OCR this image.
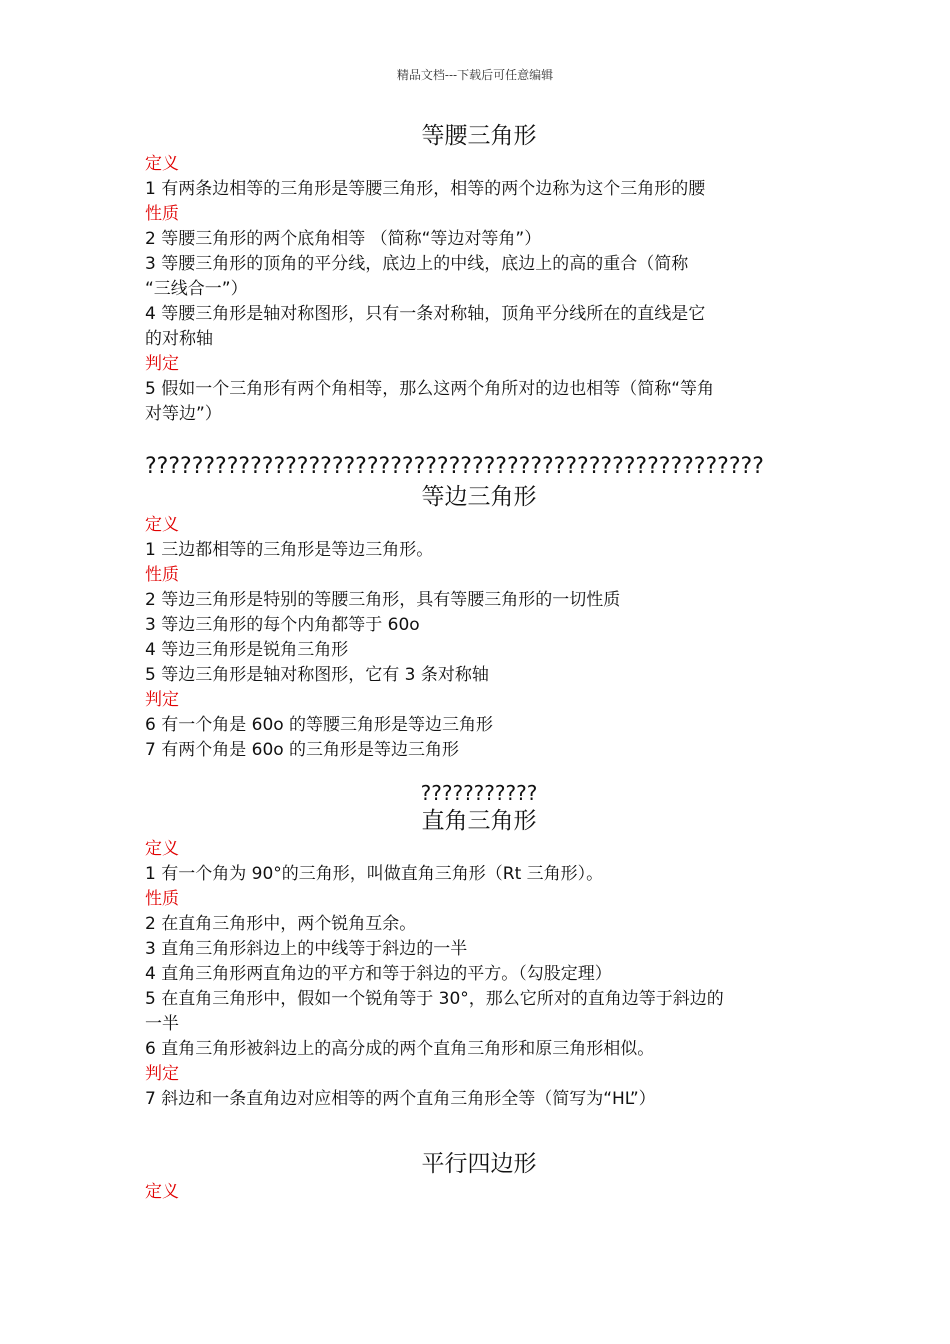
精品文档---下载后可任意编辑

等腰三角形

定义

1 有两条边相等的三角形是等腰三角形，相等的两个边称为这个三角形的腰

性质

2 等腰三角形的两个底角相等 （简称“等边对等角”）

3 等腰三角形的顶角的平分线，底边上的中线，底边上的高的重合（简称

“三线合一”）

4 等腰三角形是轴对称图形，只有一条对称轴，顶角平分线所在的直线是它

的对称轴

判定

5 假如一个三角形有两个角相等，那么这两个角所对的边也相等（简称“等角

对等边”）

?????????????????????????????????????????????????????

等边三角形

定义

1 三边都相等的三角形是等边三角形。

性质

2 等边三角形是特别的等腰三角形，具有等腰三角形的一切性质

3 等边三角形的每个内角都等于 60o

4 等边三角形是锐角三角形

5 等边三角形是轴对称图形，它有 3 条对称轴

判定

6 有一个角是 60o 的等腰三角形是等边三角形

7 有两个角是 60o 的三角形是等边三角形

???????????

直角三角形

定义

1 有一个角为 90°的三角形，叫做直角三角形（Rt 三角形）。

性质

2 在直角三角形中，两个锐角互余。

3 直角三角形斜边上的中线等于斜边的一半

4 直角三角形两直角边的平方和等于斜边的平方。（勾股定理）

5 在直角三角形中，假如一个锐角等于 30°，那么它所对的直角边等于斜边的

一半

6 直角三角形被斜边上的高分成的两个直角三角形和原三角形相似。

判定

7 斜边和一条直角边对应相等的两个直角三角形全等（简写为“HL”）

平行四边形

定义
